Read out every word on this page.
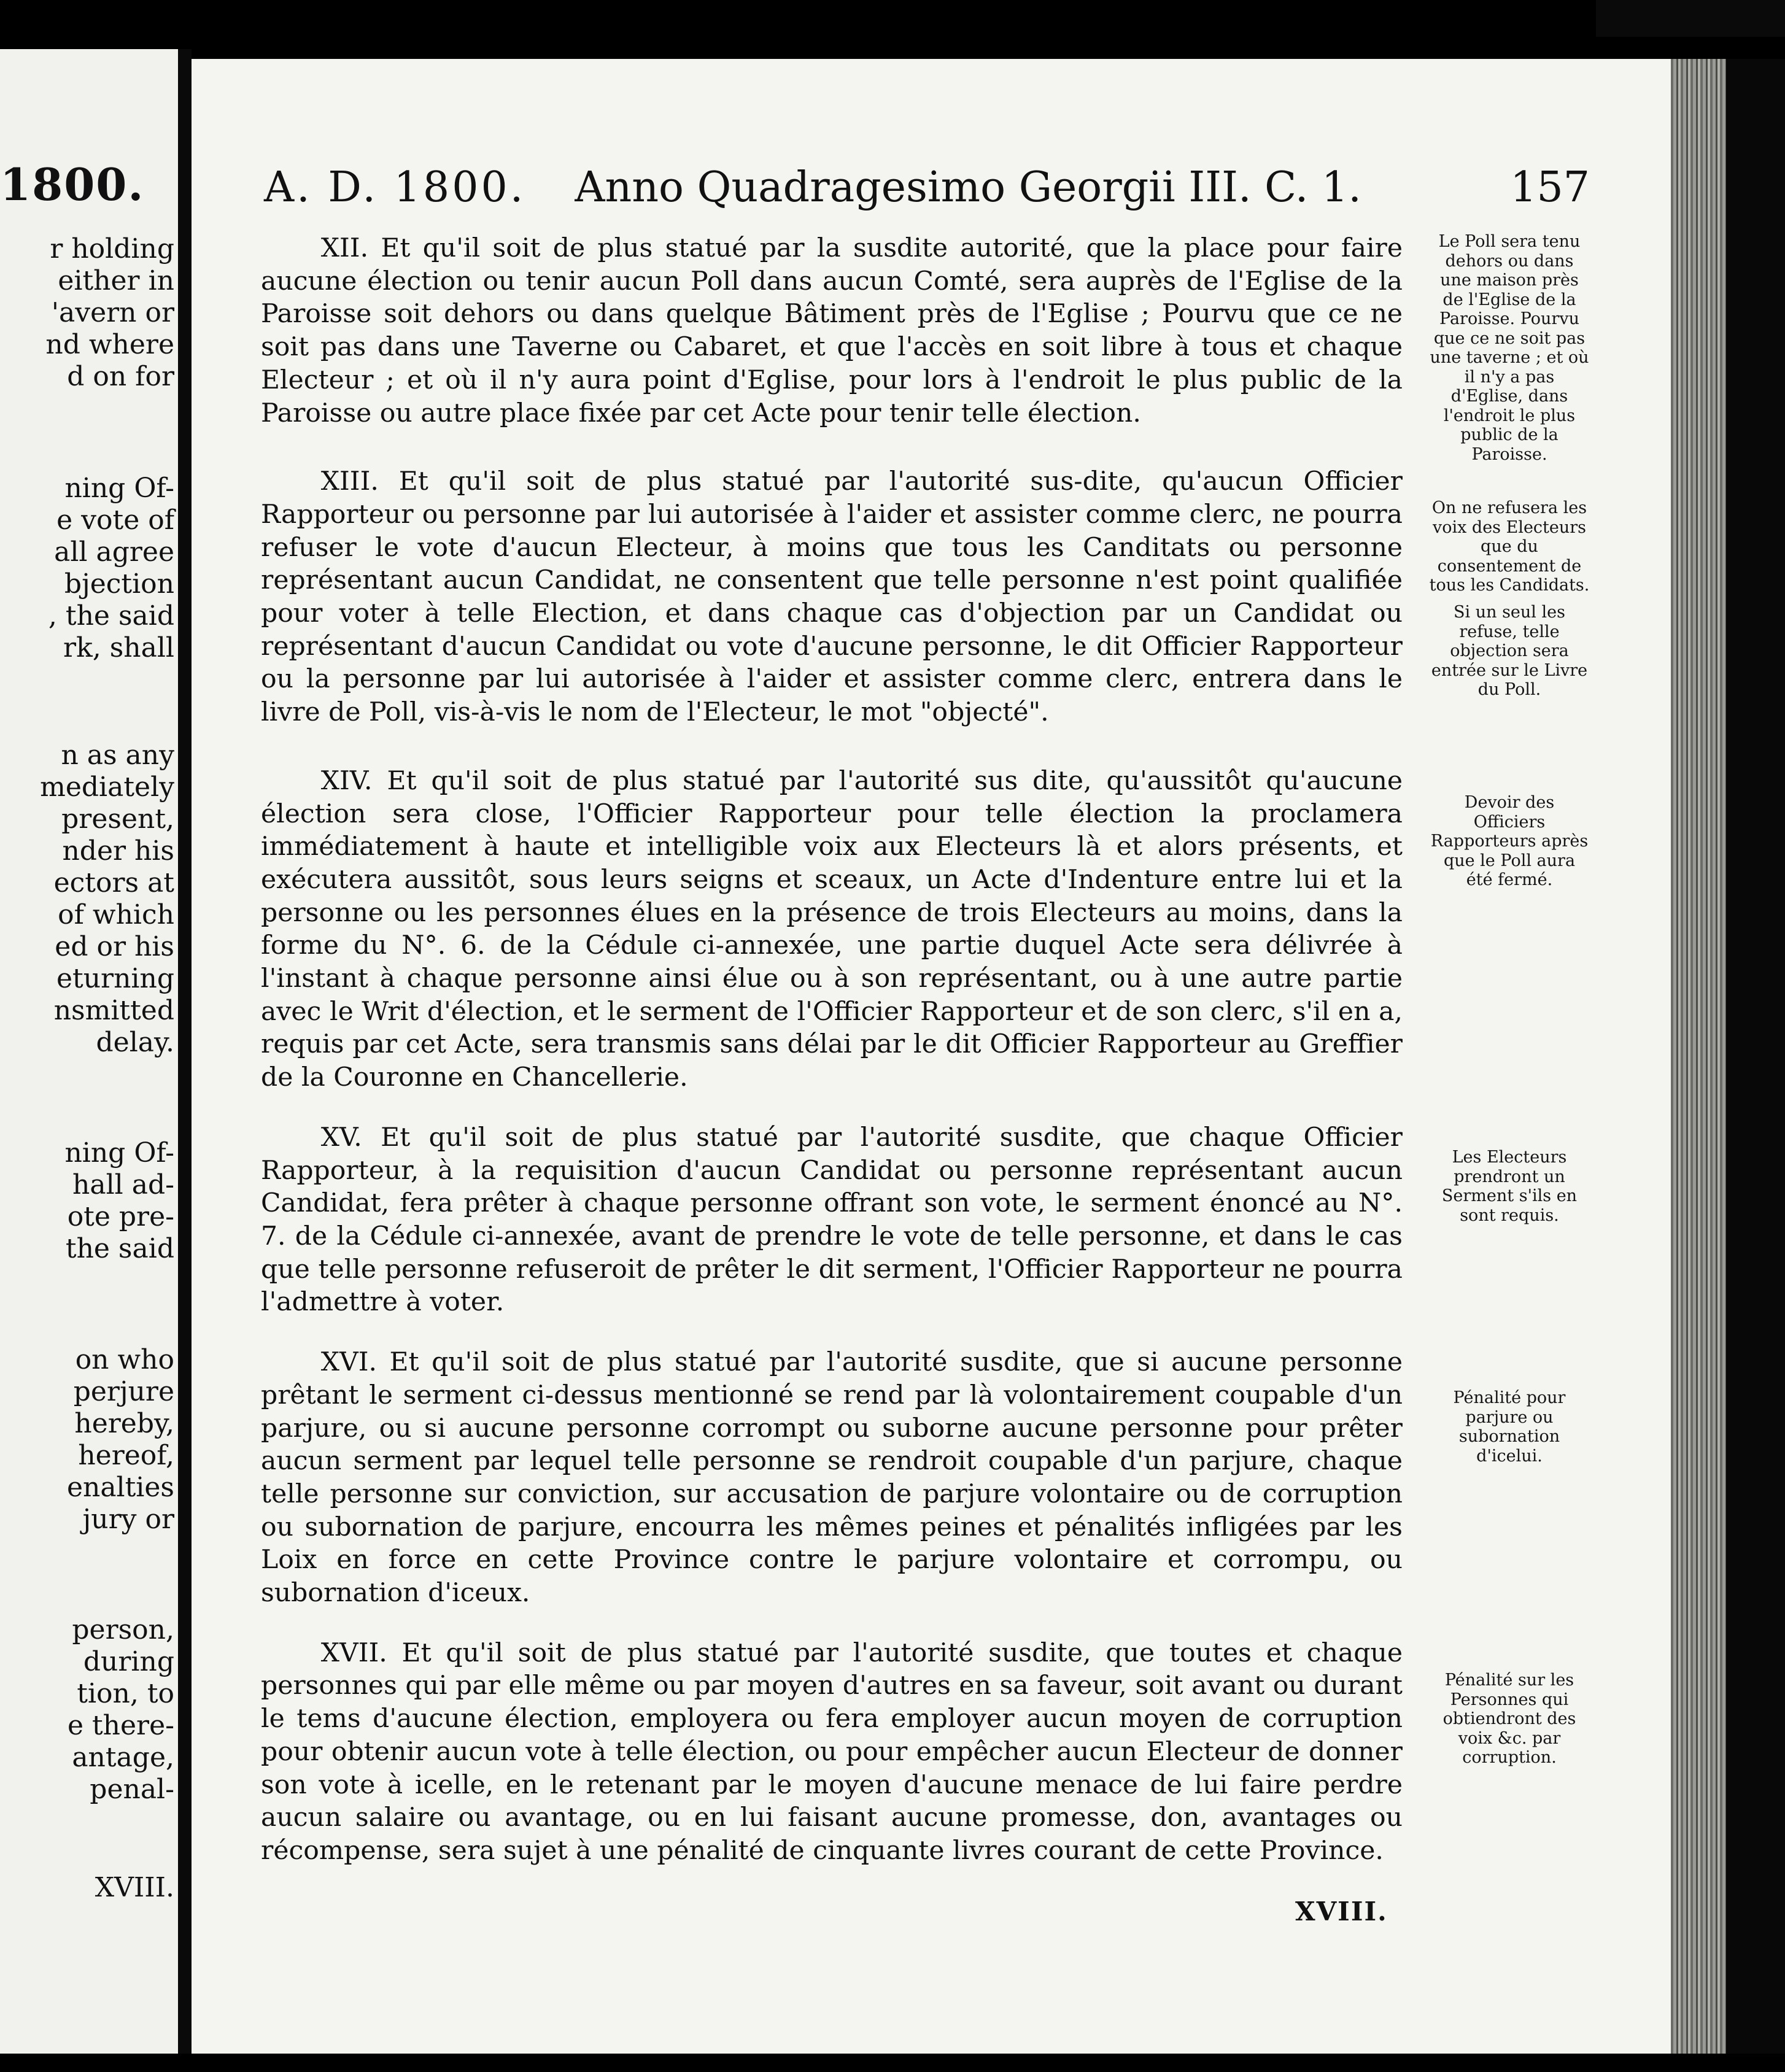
1800.
r holding
either in
'avern or
nd where
d on for
ning Of-
e vote of
all agree
bjection
, the said
rk, shall
n as any
mediately
present,
nder his
ectors at
of which
ed or his
eturning
nsmitted
delay.
ning Of-
hall ad-
ote pre-
the said
on who
perjure
hereby,
hereof,
enalties
jury or
person,
during
tion, to
e there-
antage,
penal-
XVIII.

A. D. 1800. Anno Quadragesimo Georgii III. C. 1.	157

XII. Et qu'il soit de plus statué par la susdite autorité, que la place pour faire aucune élection ou tenir aucun Poll dans aucun Comté, sera auprès de l'Eglise de la Paroisse soit dehors ou dans quelque Bâtiment près de l'Eglise ; Pourvu que ce ne soit pas dans une Taverne ou Cabaret, et que l'accès en soit libre à tous et chaque Electeur ; et où il n'y aura point d'Eglise, pour lors à l'endroit le plus public de la Paroisse ou autre place fixée par cet Acte pour tenir telle élection.

XIII. Et qu'il soit de plus statué par l'autorité sus-dite, qu'aucun Officier Rapporteur ou personne par lui autorisée à l'aider et assister comme clerc, ne pourra refuser le vote d'aucun Electeur, à moins que tous les Canditats ou personne représentant aucun Candidat, ne consentent que telle personne n'est point qualifiée pour voter à telle Election, et dans chaque cas d'objection par un Candidat ou représentant d'aucun Candidat ou vote d'aucune personne, le dit Officier Rapporteur ou la personne par lui autorisée à l'aider et assister comme clerc, entrera dans le livre de Poll, vis-à-vis le nom de l'Electeur, le mot "objecté".

XIV. Et qu'il soit de plus statué par l'autorité sus dite, qu'aussitôt qu'aucune élection sera close, l'Officier Rapporteur pour telle élection la proclamera immédiatement à haute et intelligible voix aux Electeurs là et alors présents, et exécutera aussitôt, sous leurs seigns et sceaux, un Acte d'Indenture entre lui et la personne ou les personnes élues en la présence de trois Electeurs au moins, dans la forme du N°. 6. de la Cédule ci-annexée, une partie duquel Acte sera délivrée à l'instant à chaque personne ainsi élue ou à son représentant, ou à une autre partie avec le Writ d'élection, et le serment de l'Officier Rapporteur et de son clerc, s'il en a, requis par cet Acte, sera transmis sans délai par le dit Officier Rapporteur au Greffier de la Couronne en Chancellerie.

XV. Et qu'il soit de plus statué par l'autorité susdite, que chaque Officier Rapporteur, à la requisition d'aucun Candidat ou personne représentant aucun Candidat, fera prêter à chaque personne offrant son vote, le serment énoncé au N°. 7. de la Cédule ci-annexée, avant de prendre le vote de telle personne, et dans le cas que telle personne refuseroit de prêter le dit serment, l'Officier Rapporteur ne pourra l'admettre à voter.

XVI. Et qu'il soit de plus statué par l'autorité susdite, que si aucune personne prêtant le serment ci-dessus mentionné se rend par là volontairement coupable d'un parjure, ou si aucune personne corrompt ou suborne aucune personne pour prêter aucun serment par lequel telle personne se rendroit coupable d'un parjure, chaque telle personne sur conviction, sur accusation de parjure volontaire ou de corruption ou subornation de parjure, encourra les mêmes peines et pénalités infligées par les Loix en force en cette Province contre le parjure volontaire et corrompu, ou subornation d'iceux.

XVII. Et qu'il soit de plus statué par l'autorité susdite, que toutes et chaque personnes qui par elle même ou par moyen d'autres en sa faveur, soit avant ou durant le tems d'aucune élection, employera ou fera employer aucun moyen de corruption pour obtenir aucun vote à telle élection, ou pour empêcher aucun Electeur de donner son vote à icelle, en le retenant par le moyen d'aucune menace de lui faire perdre aucun salaire ou avantage, ou en lui faisant aucune promesse, don, avantages ou récompense, sera sujet à une pénalité de cinquante livres courant de cette Province.

Le Poll sera tenu dehors ou dans une maison près de l'Eglise de la Paroisse. Pourvu que ce ne soit pas une taverne ; et où il n'y a pas d'Eglise, dans l'endroit le plus public de la Paroisse.
On ne refusera les voix des Electeurs que du consentement de tous les Candidats.
Si un seul les refuse, telle objection sera entrée sur le Livre du Poll.
Devoir des Officiers Rapporteurs après que le Poll aura été fermé.
Les Electeurs prendront un Serment s'ils en sont requis.
Pénalité pour parjure ou subornation d'icelui.
Pénalité sur les Personnes qui obtiendront des voix &c. par corruption.
XVIII.
